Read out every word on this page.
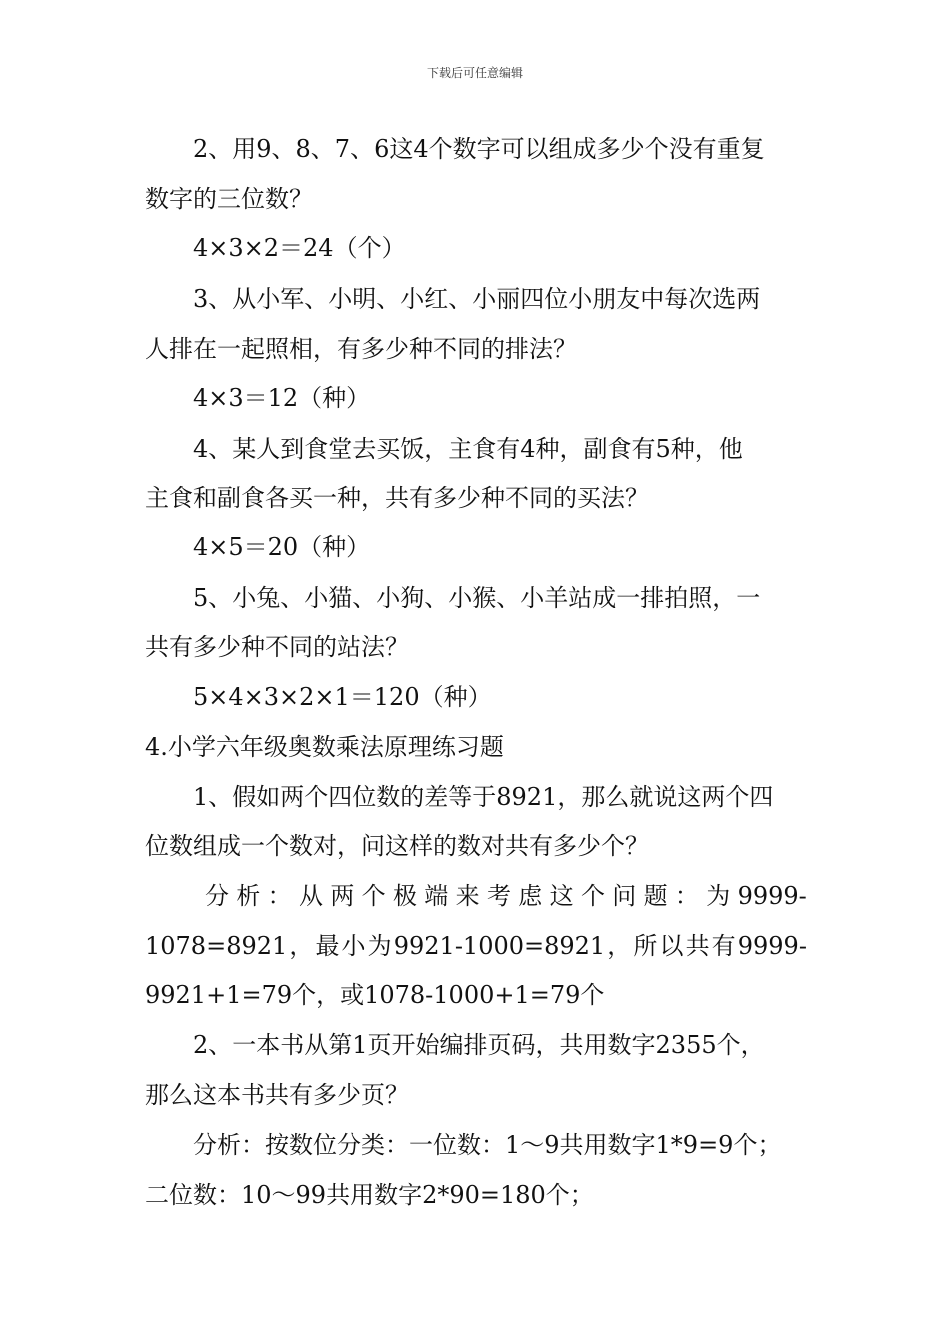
下载后可任意编辑
2、用9、8、7、6这4个数字可以组成多少个没有重复
数字的三位数？
4×3×2＝24（个）
3、从小军、小明、小红、小丽四位小朋友中每次选两
人排在一起照相，有多少种不同的排法？
4×3＝12（种）
4、某人到食堂去买饭，主食有4种，副食有5种，他
主食和副食各买一种，共有多少种不同的买法？
4×5＝20（种）
5、小兔、小猫、小狗、小猴、小羊站成一排拍照，一
共有多少种不同的站法？
5×4×3×2×1＝120（种）
4.小学六年级奥数乘法原理练习题
1、假如两个四位数的差等于8921，那么就说这两个四
位数组成一个数对，问这样的数对共有多少个？
分 析 ： 从 两 个 极 端 来 考 虑 这 个 问 题 ： 为 9999-
1078=8921 ， 最 小 为 9921-1000=8921 ， 所 以 共 有 9999-
9921+1=79个，或1078-1000+1=79个
2、一本书从第1页开始编排页码，共用数字2355个，
那么这本书共有多少页？
分析：按数位分类：一位数：1～9共用数字1*9=9个；
二位数：10～99共用数字2*90=180个；
